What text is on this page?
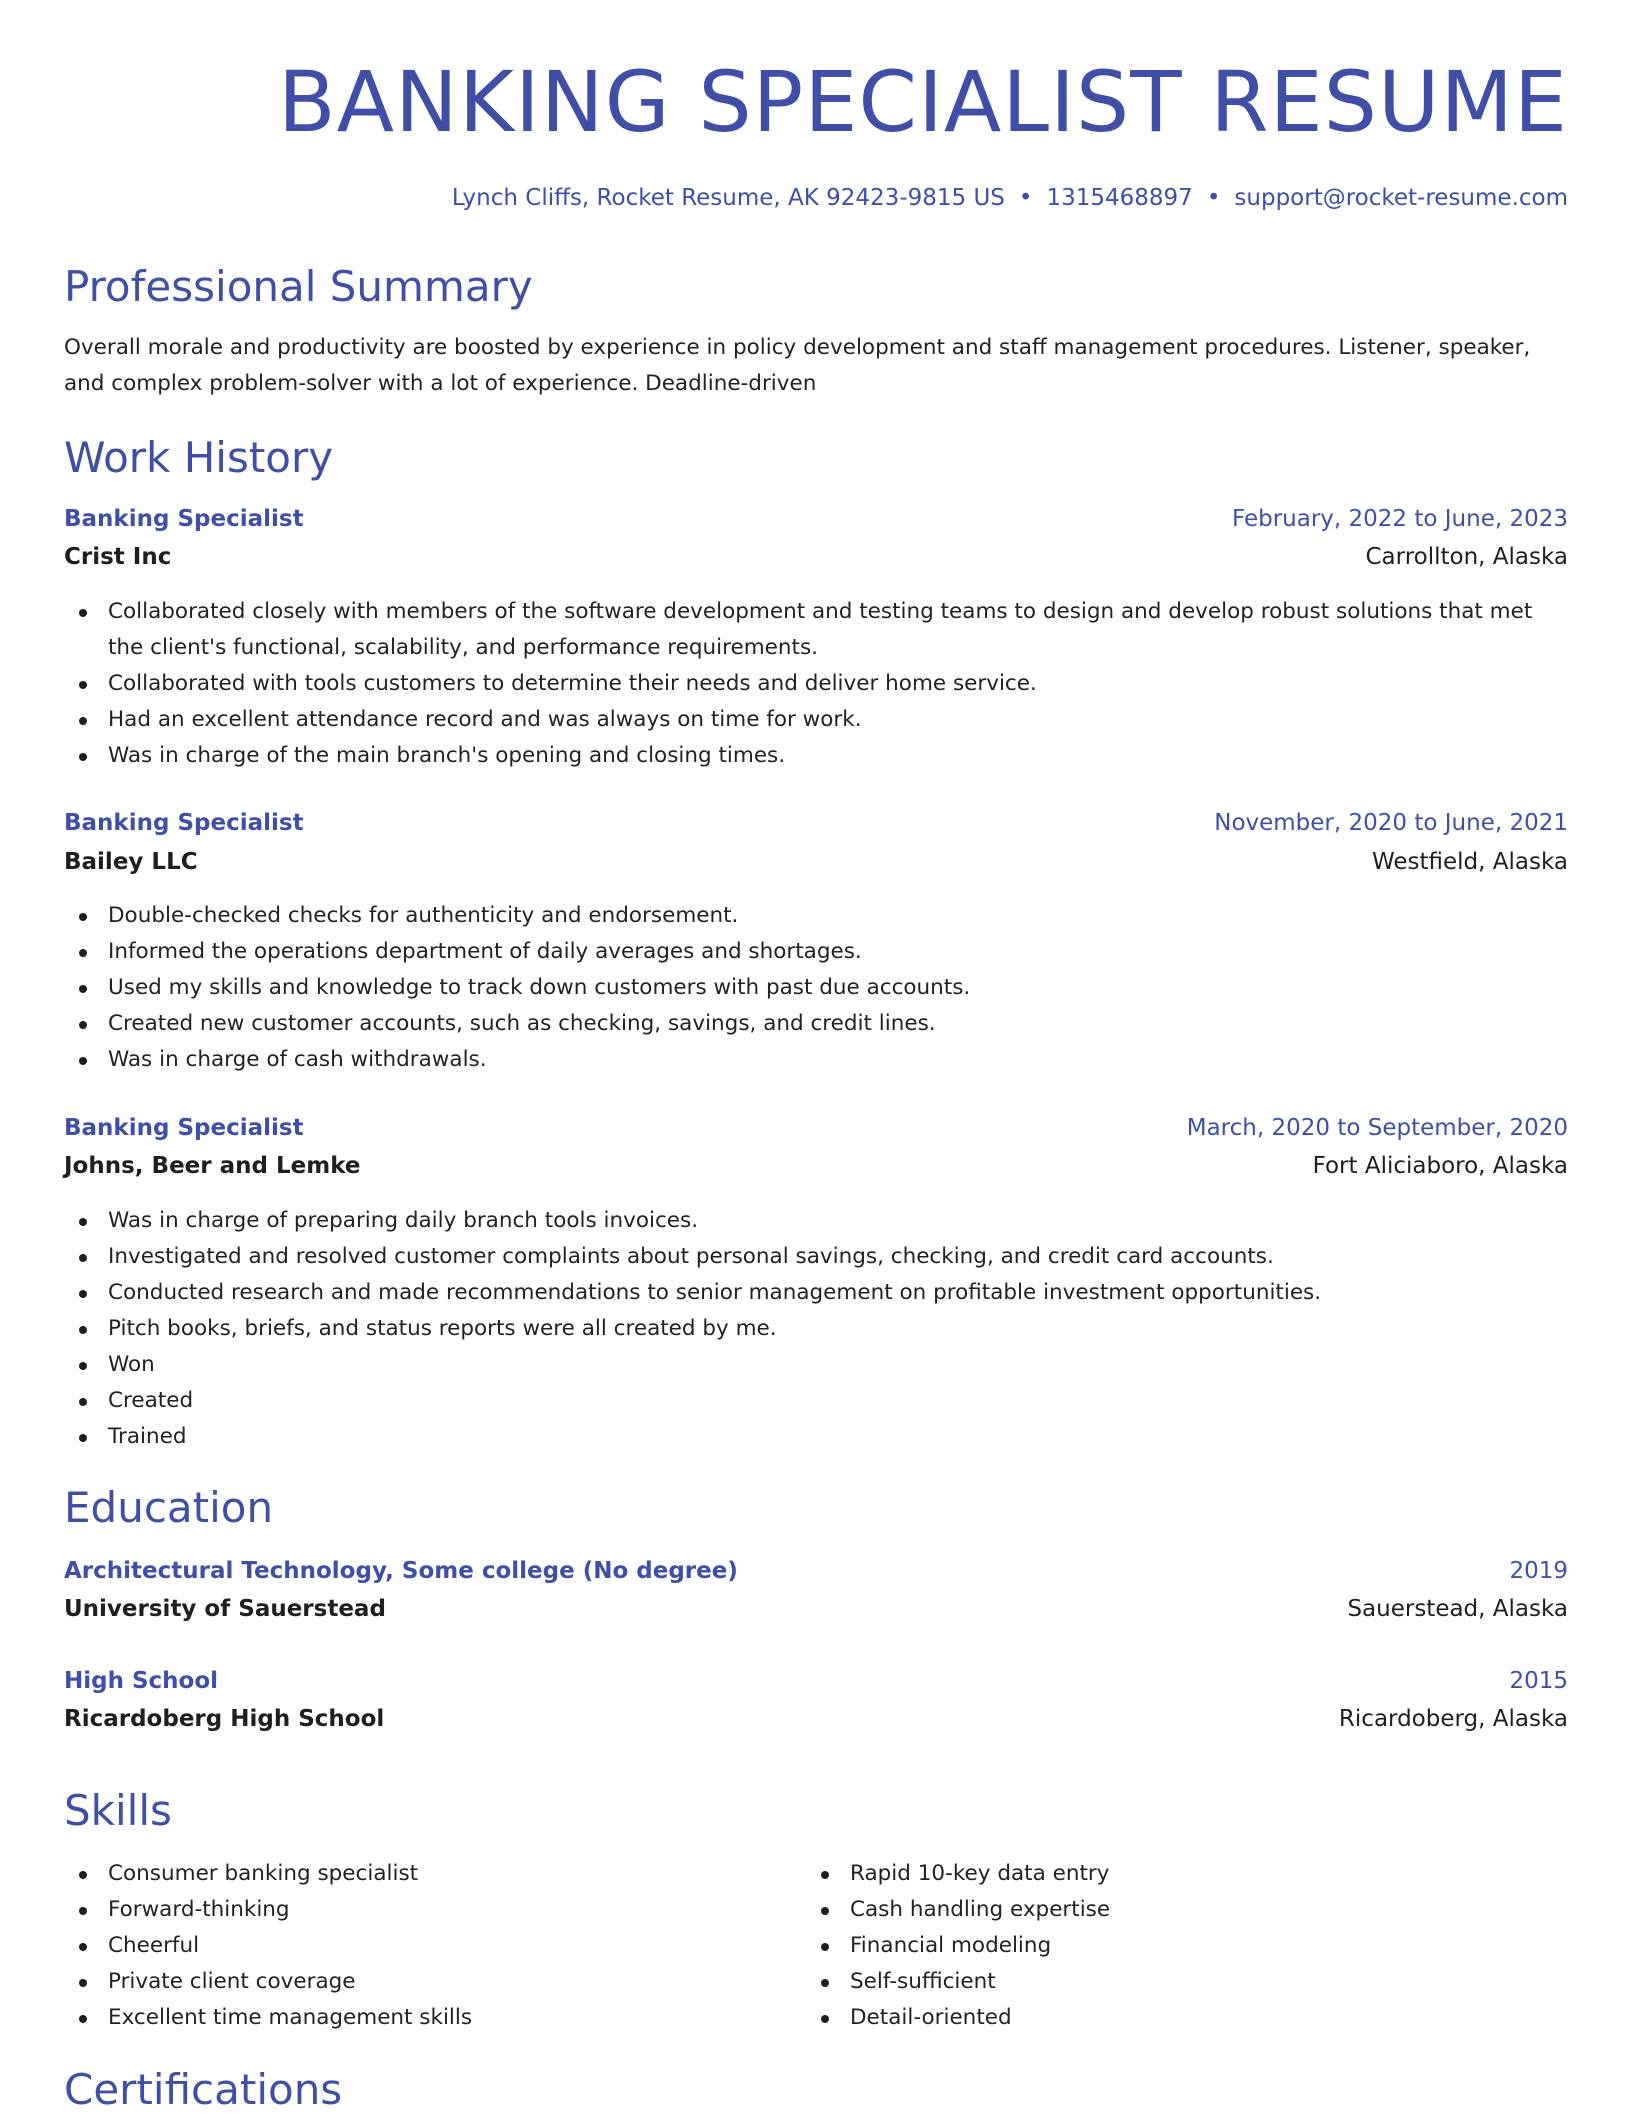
BANKING SPECIALIST RESUME
Lynch Cliffs, Rocket Resume, AK 92423-9815 US • 1315468897 • support@rocket-resume.com
Professional Summary
Overall morale and productivity are boosted by experience in policy development and staff management procedures. Listener, speaker, and complex problem-solver with a lot of experience. Deadline-driven
Work History
Banking Specialist	February, 2022 to June, 2023
Crist Inc	Carrollton, Alaska
Collaborated closely with members of the software development and testing teams to design and develop robust solutions that met the client's functional, scalability, and performance requirements.
Collaborated with tools customers to determine their needs and deliver home service.
Had an excellent attendance record and was always on time for work.
Was in charge of the main branch's opening and closing times.
Banking Specialist	November, 2020 to June, 2021
Bailey LLC	Westfield, Alaska
Double-checked checks for authenticity and endorsement.
Informed the operations department of daily averages and shortages.
Used my skills and knowledge to track down customers with past due accounts.
Created new customer accounts, such as checking, savings, and credit lines.
Was in charge of cash withdrawals.
Banking Specialist	March, 2020 to September, 2020
Johns, Beer and Lemke	Fort Aliciaboro, Alaska
Was in charge of preparing daily branch tools invoices.
Investigated and resolved customer complaints about personal savings, checking, and credit card accounts.
Conducted research and made recommendations to senior management on profitable investment opportunities.
Pitch books, briefs, and status reports were all created by me.
Won
Created
Trained
Education
Architectural Technology, Some college (No degree)	2019
University of Sauerstead	Sauerstead, Alaska
High School	2015
Ricardoberg High School	Ricardoberg, Alaska
Skills
Consumer banking specialist
Forward-thinking
Cheerful
Private client coverage
Excellent time management skills
Rapid 10-key data entry
Cash handling expertise
Financial modeling
Self-sufficient
Detail-oriented
Certifications
